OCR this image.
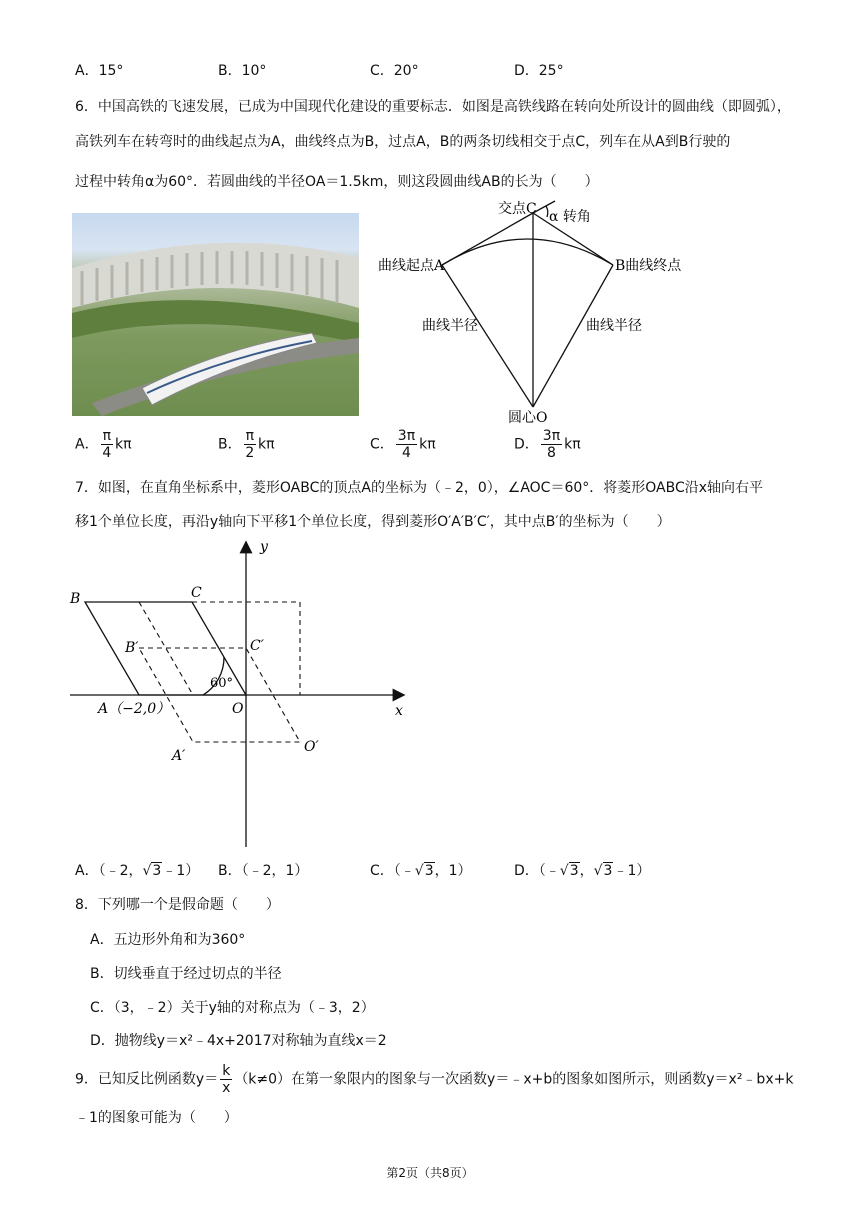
A．15°	B．10°	C．20°	D．25°
6．中国高铁的飞速发展，已成为中国现代化建设的重要标志．如图是高铁线路在转向处所设计的圆曲线（即圆弧），
高铁列车在转弯时的曲线起点为A，曲线终点为B，过点A，B的两条切线相交于点C，列车在从A到B行驶的
过程中转角α为60°．若圆曲线的半径OA＝1.5km，则这段圆曲线AB的长为（　　）
交点C α 转角
曲线起点A	B曲线终点
曲线半径	曲线半径
圆心O
A． $\frac{\pi}{4}$ kπ	B． $\frac{\pi}{2}$ kπ	C． $\frac{3\pi}{4}$ kπ	D． $\frac{3\pi}{8}$ kπ
7．如图，在直角坐标系中，菱形OABC的顶点A的坐标为（﹣2，0），∠AOC＝60°．将菱形OABC沿x轴向右平
移1个单位长度，再沿y轴向下平移1个单位长度，得到菱形O′A′B′C′，其中点B′的坐标为（　　）
y
x
B	C
B′	C′
60°
A（−2,0）	O
A′
O′
A．（﹣2，√3﹣1） B．（﹣2，1）	C．（﹣√3，1）	D．（﹣√3，√3﹣1）
8．下列哪一个是假命题（　　）
A．五边形外角和为360°
B．切线垂直于经过切点的半径
C．（3，﹣2）关于y轴的对称点为（﹣3，2）
D．抛物线y＝x²﹣4x+2017对称轴为直线x＝2
9．已知反比例函数$y= \frac{k}{x} (k\ne 0)$在第一象限内的图象与一次函数y＝﹣x+b的图象如图所示，则函数y＝x²﹣bx+k
﹣1的图象可能为（　　）
第2页（共8页）
